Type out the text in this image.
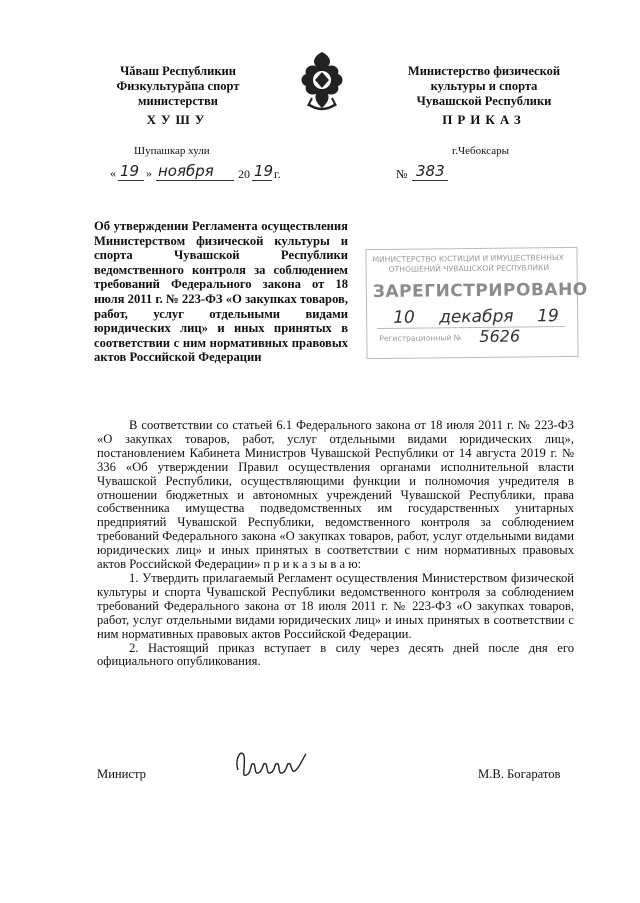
Чăваш Республикин
Физкультурăпа спорт
министерстви
ХУШУ
Министерство физической
культуры и спорта
Чувашской Республики
ПРИКАЗ
Шупашкар хули	г.Чебоксары
« 19 » ноября 20 19 г.	№ 383
Об утверждении Регламента осуществления Министерством физической культуры и спорта Чувашской Республики ведомственного контроля за соблюдением требований Федерального закона от 18 июля 2011 г. № 223-ФЗ «О закупках товаров, работ, услуг отдельными видами юридических лиц» и иных принятых в соответствии с ним нормативных правовых актов Российской Федерации
МИНИСТЕРСТВО ЮСТИЦИИ И ИМУЩЕСТВЕННЫХ
ОТНОШЕНИЙ ЧУВАШСКОЙ РЕСПУБЛИКИ
ЗАРЕГИСТРИРОВАНО
10 декабря 19
Регистрационный № 5626

В соответствии со статьей 6.1 Федерального закона от 18 июля 2011 г. № 223-ФЗ «О закупках товаров, работ, услуг отдельными видами юридических лиц», постановлением Кабинета Министров Чувашской Республики от 14 августа 2019 г. № 336 «Об утверждении Правил осуществления органами исполнительной власти Чувашской Республики, осуществляющими функции и полномочия учредителя в отношении бюджетных и автономных учреждений Чувашской Республики, права собственника имущества подведомственных им государственных унитарных предприятий Чувашской Республики, ведомственного контроля за соблюдением требований Федерального закона «О закупках товаров, работ, услуг отдельными видами юридических лиц» и иных принятых в соответствии с ним нормативных правовых актов Российской Федерации» п р и к а з ы в а ю:

1. Утвердить прилагаемый Регламент осуществления Министерством физической культуры и спорта Чувашской Республики ведомственного контроля за соблюдением требований Федерального закона от 18 июля 2011 г. № 223-ФЗ «О закупках товаров, работ, услуг отдельными видами юридических лиц» и иных принятых в соответствии с ним нормативных правовых актов Российской Федерации.

2. Настоящий приказ вступает в силу через десять дней после дня его официального опубликования.

Министр	М.В. Богаратов
